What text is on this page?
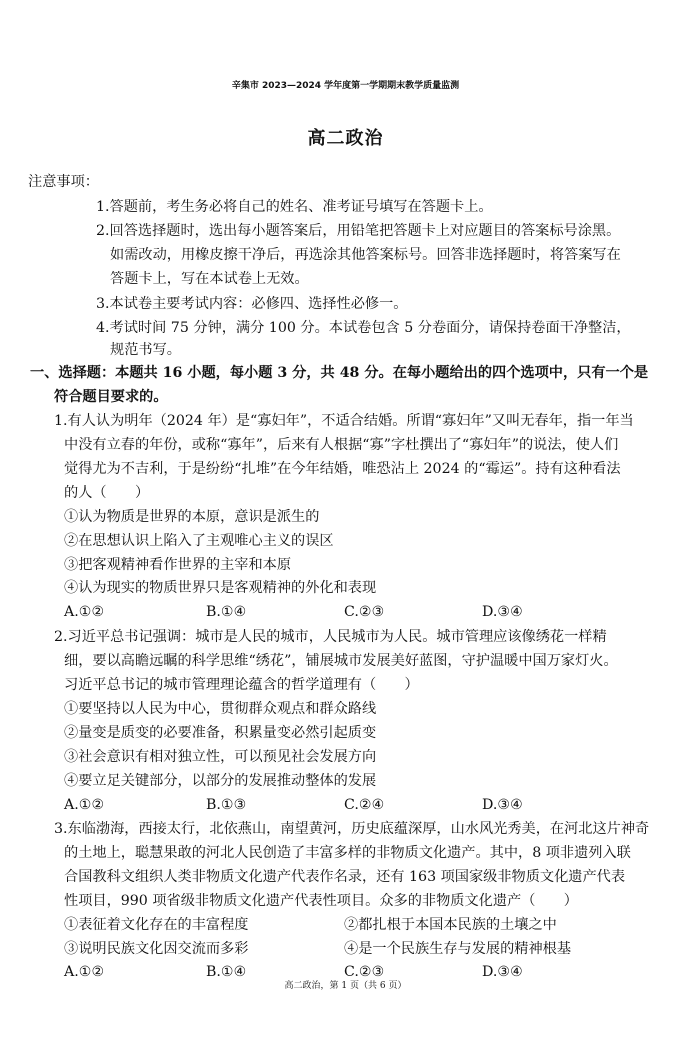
辛集市 2023—2024 学年度第一学期期末教学质量监测
高二政治
注意事项：
1.答题前，考生务必将自己的姓名、准考证号填写在答题卡上。
2.回答选择题时，选出每小题答案后，用铅笔把答题卡上对应题目的答案标号涂黑。
如需改动，用橡皮擦干净后，再选涂其他答案标号。回答非选择题时，将答案写在
答题卡上，写在本试卷上无效。
3.本试卷主要考试内容：必修四、选择性必修一。
4.考试时间 75 分钟，满分 100 分。本试卷包含 5 分卷面分，请保持卷面干净整洁，
规范书写。
一、选择题：本题共 16 小题，每小题 3 分，共 48 分。在每小题给出的四个选项中，只有一个是
符合题目要求的。
1.有人认为明年（2024 年）是“寡妇年”，不适合结婚。所谓“寡妇年”又叫无春年，指一年当
中没有立春的年份，或称“寡年”，后来有人根据“寡”字杜撰出了“寡妇年”的说法，使人们
觉得尤为不吉利，于是纷纷“扎堆”在今年结婚，唯恐沾上 2024 的“霉运”。持有这种看法
的人（　　）
①认为物质是世界的本原，意识是派生的
②在思想认识上陷入了主观唯心主义的误区
③把客观精神看作世界的主宰和本原
④认为现实的物质世界只是客观精神的外化和表现
A.①②	B.①④	C.②③	D.③④
2.习近平总书记强调：城市是人民的城市，人民城市为人民。城市管理应该像绣花一样精
细，要以高瞻远瞩的科学思维“绣花”，铺展城市发展美好蓝图，守护温暖中国万家灯火。
习近平总书记的城市管理理论蕴含的哲学道理有（　　）
①要坚持以人民为中心，贯彻群众观点和群众路线
②量变是质变的必要准备，积累量变必然引起质变
③社会意识有相对独立性，可以预见社会发展方向
④要立足关键部分，以部分的发展推动整体的发展
A.①②	B.①③	C.②④	D.③④
3.东临渤海，西接太行，北依燕山，南望黄河，历史底蕴深厚，山水风光秀美，在河北这片神奇
的土地上，聪慧果敢的河北人民创造了丰富多样的非物质文化遗产。其中，8 项非遗列入联
合国教科文组织人类非物质文化遗产代表作名录，还有 163 项国家级非物质文化遗产代表
性项目，990 项省级非物质文化遗产代表性项目。众多的非物质文化遗产（　　）
①表征着文化存在的丰富程度	②都扎根于本国本民族的土壤之中
③说明民族文化因交流而多彩	④是一个民族生存与发展的精神根基
A.①②	B.①④	C.②③	D.③④
高二政治，第 1 页（共 6 页）
